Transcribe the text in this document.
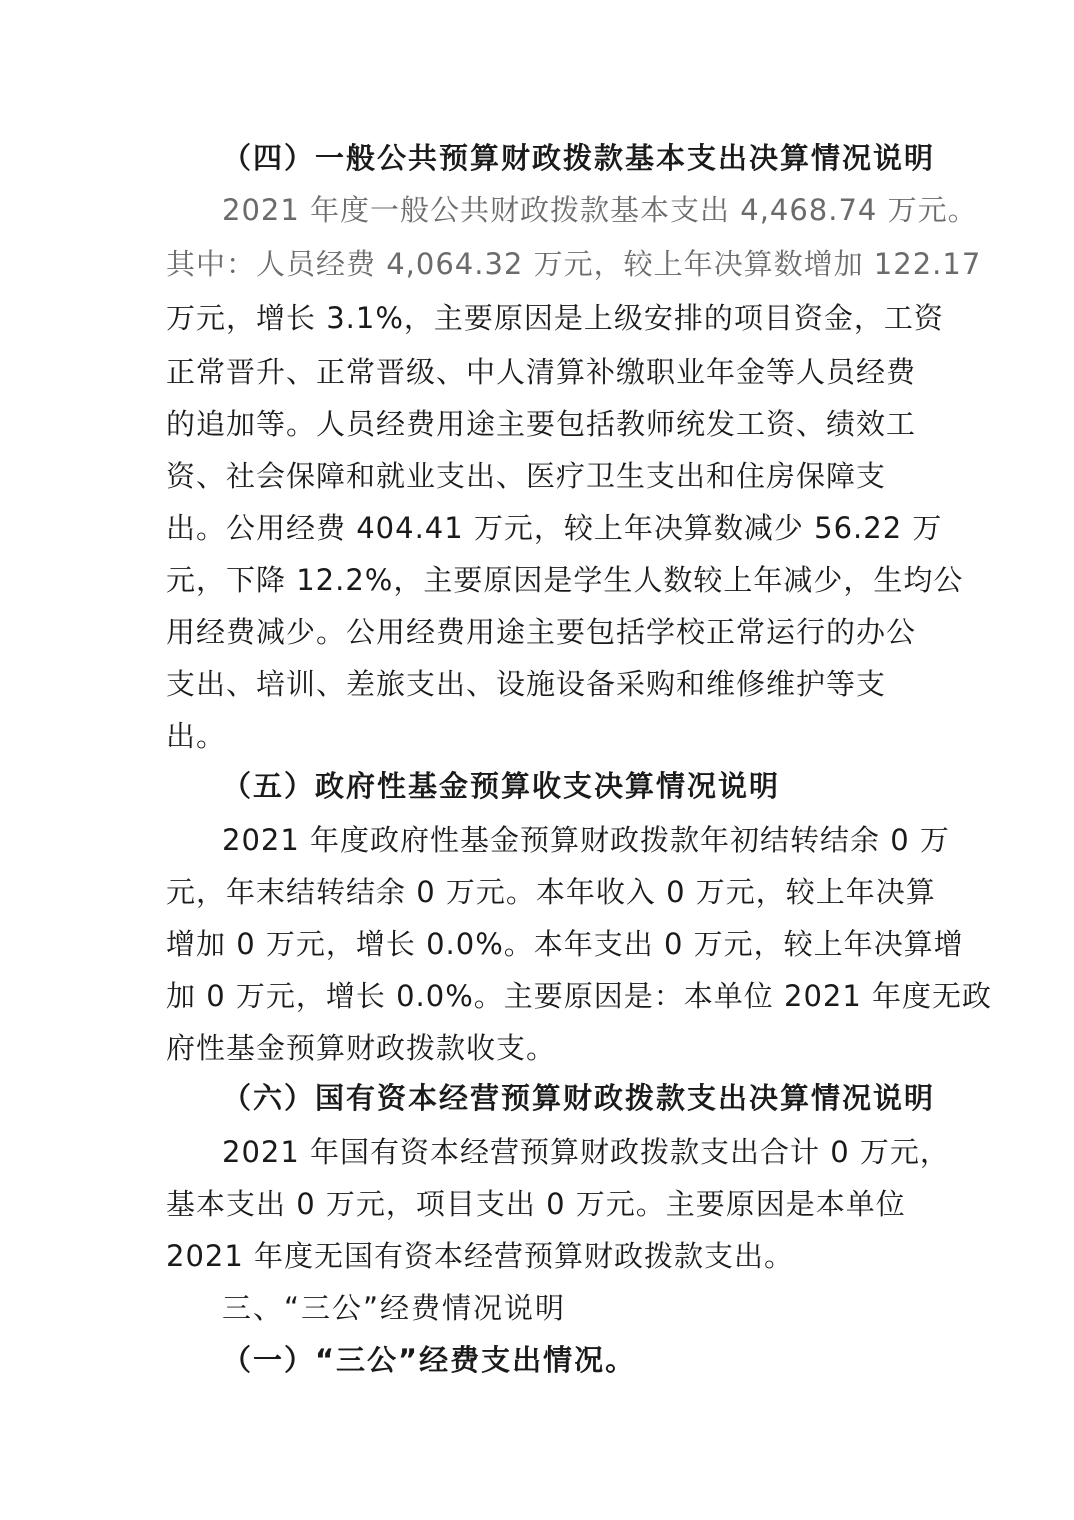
（四）一般公共预算财政拨款基本支出决算情况说明
2021 年度一般公共财政拨款基本支出 4,468.74 万元。
其中：人员经费 4,064.32 万元，较上年决算数增加 122.17
万元，增长 3.1%，主要原因是上级安排的项目资金，工资
正常晋升、正常晋级、中人清算补缴职业年金等人员经费
的追加等。人员经费用途主要包括教师统发工资、绩效工
资、社会保障和就业支出、医疗卫生支出和住房保障支
出。公用经费 404.41 万元，较上年决算数减少 56.22 万
元，下降 12.2%，主要原因是学生人数较上年减少，生均公
用经费减少。公用经费用途主要包括学校正常运行的办公
支出、培训、差旅支出、设施设备采购和维修维护等支
出。
（五）政府性基金预算收支决算情况说明
2021 年度政府性基金预算财政拨款年初结转结余 0 万
元，年末结转结余 0 万元。本年收入 0 万元，较上年决算
增加 0 万元，增长 0.0%。本年支出 0 万元，较上年决算增
加 0 万元，增长 0.0%。主要原因是：本单位 2021 年度无政
府性基金预算财政拨款收支。
（六）国有资本经营预算财政拨款支出决算情况说明
2021 年国有资本经营预算财政拨款支出合计 0 万元，
基本支出 0 万元，项目支出 0 万元。主要原因是本单位
2021 年度无国有资本经营预算财政拨款支出。
三、“三公”经费情况说明
（一）“三公”经费支出情况。
